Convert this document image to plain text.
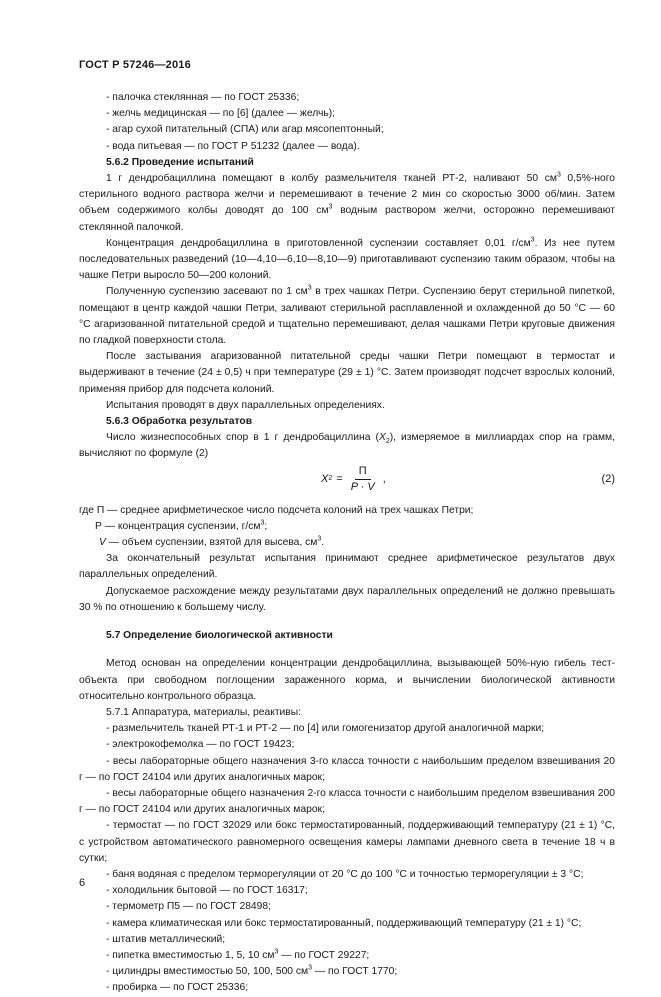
ГОСТ Р 57246—2016

- палочка стеклянная — по ГОСТ 25336;

- желчь медицинская — по [6] (далее — желчь);

- агар сухой питательный (СПА) или агар мясопептонный;

- вода питьевая — по ГОСТ Р 51232 (далее — вода).

5.6.2 Проведение испытаний

1 г дендробациллина помещают в колбу размельчителя тканей РТ-2, наливают 50 $см^3$ 0,5%-ного стерильного водного раствора желчи и перемешивают в течение 2 мин со скоростью 3000 об/мин. Затем объем содержимого колбы доводят до 100 $см^3$ водным раствором желчи, осторожно перемешивают стеклянной палочкой.

Концентрация дендробациллина в приготовленной суспензии составляет 0,01 $г/см^3$. Из нее путем последовательных разведений (10—4,10—6,10—8,10—9) приготавливают суспензию таким образом, чтобы на чашке Петри выросло 50—200 колоний.

Полученную суспензию засевают по 1 $см^3$ в трех чашках Петри. Суспензию берут стерильной пипеткой, помещают в центр каждой чашки Петри, заливают стерильной расплавленной и охлажденной до 50 °С — 60 °С агаризованной питательной средой и тщательно перемешивают, делая чашками Петри круговые движения по гладкой поверхности стола.

После застывания агаризованной питательной среды чашки Петри помещают в термостат и выдерживают в течение (24 ± 0,5) ч при температуре (29 ± 1) °С. Затем производят подсчет взрослых колоний, применяя прибор для подсчета колоний.

Испытания проводят в двух параллельных определениях.

5.6.3 Обработка результатов

Число жизнеспособных спор в 1 г дендробациллина $(X_2)$, измеряемое в миллиардах спор на грамм, вычисляют по формуле (2)

X $2 = \frac{П}{P \cdot V}$ ,	(2)

где П — среднее арифметическое число подсчета колоний на трех чашках Петри;

Р — концентрация суспензии, $г/см^3$;

V — объем суспензии, взятой для высева, $см^3$.

За окончательный результат испытания принимают среднее арифметическое результатов двух параллельных определений.

Допускаемое расхождение между результатами двух параллельных определений не должно превышать 30 % по отношению к большему числу.

5.7 Определение биологической активности

Метод основан на определении концентрации дендробациллина, вызывающей 50%-ную гибель тест-объекта при свободном поглощении зараженного корма, и вычислении биологической активности относительно контрольного образца.

5.7.1 Аппаратура, материалы, реактивы:

- размельчитель тканей РТ-1 и РТ-2 — по [4] или гомогенизатор другой аналогичной марки;

- электрокофемолка — по ГОСТ 19423;

- весы лабораторные общего назначения 3-го класса точности с наибольшим пределом взвешивания 20 г — по ГОСТ 24104 или других аналогичных марок;

- весы лабораторные общего назначения 2-го класса точности с наибольшим пределом взвешивания 200 г — по ГОСТ 24104 или других аналогичных марок;

- термостат — по ГОСТ 32029 или бокс термостатированный, поддерживающий температуру (21 ± 1) °С, с устройством автоматического равномерного освещения камеры лампами дневного света в течение 18 ч в сутки;

- баня водяная с пределом терморегуляции от 20 °С до 100 °С и точностью терморегуляции ± 3 °С;

- холодильник бытовой — по ГОСТ 16317;

- термометр П5 — по ГОСТ 28498;

- камера климатическая или бокс термостатированный, поддерживающий температуру (21 ± 1) °С;

- штатив металлический;

- пипетка вместимостью 1, 5, 10 $см^3$ — по ГОСТ 29227;

- цилиндры вместимостью 50, 100, 500 $см^3$ — по ГОСТ 1770;

- пробирка — по ГОСТ 25336;

6
